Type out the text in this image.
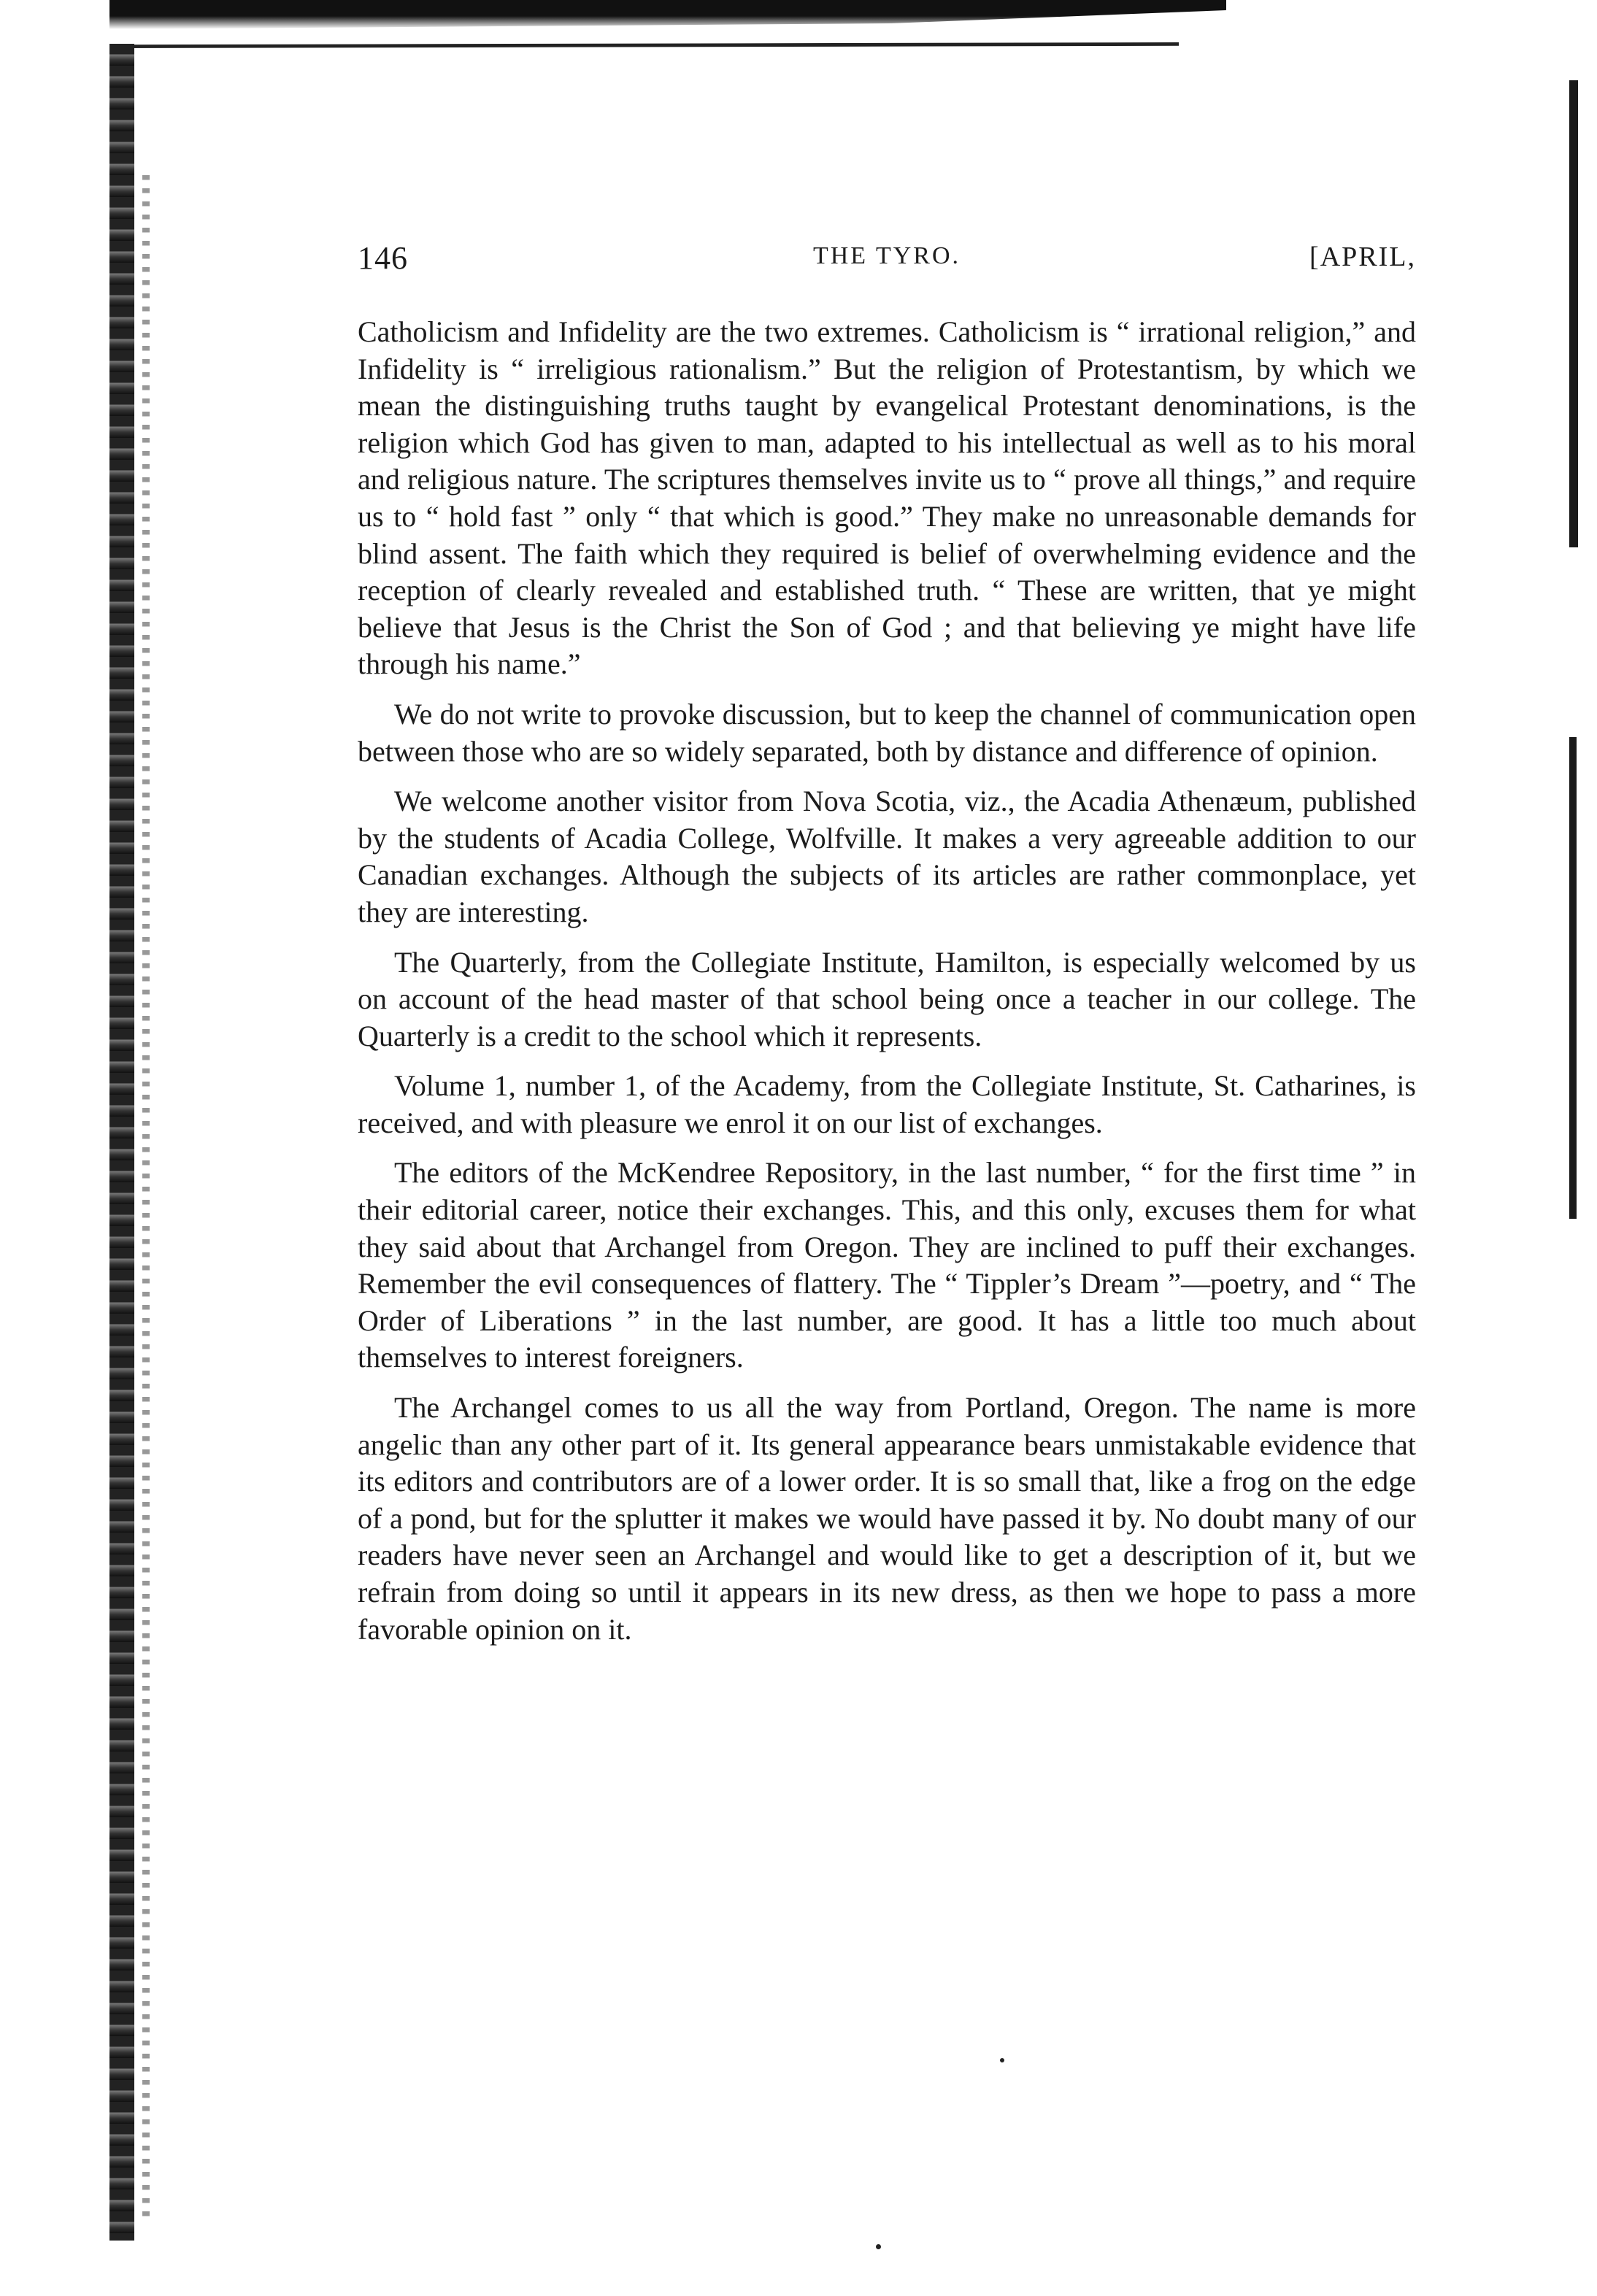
146	THE TYRO.	[APRIL,

Catholicism and Infidelity are the two extremes. Catholicism is “ irrational religion,” and Infidelity is “ irreligious rationalism.” But the religion of Protestantism, by which we mean the distinguishing truths taught by evangelical Protestant denominations, is the religion which God has given to man, adapted to his intellectual as well as to his moral and religious nature. The scriptures themselves invite us to “ prove all things,” and require us to “ hold fast ” only “ that which is good.” They make no unreasonable demands for blind assent. The faith which they required is belief of overwhelming evidence and the reception of clearly revealed and established truth. “ These are written, that ye might believe that Jesus is the Christ the Son of God ; and that believing ye might have life through his name.”

We do not write to provoke discussion, but to keep the channel of communication open between those who are so widely separated, both by distance and difference of opinion.

We welcome another visitor from Nova Scotia, viz., the Acadia Athenæum, published by the students of Acadia College, Wolfville. It makes a very agreeable addition to our Canadian exchanges. Although the subjects of its articles are rather commonplace, yet they are interesting.

The Quarterly, from the Collegiate Institute, Hamilton, is especially welcomed by us on account of the head master of that school being once a teacher in our college. The Quarterly is a credit to the school which it represents.

Volume 1, number 1, of the Academy, from the Collegiate Institute, St. Catharines, is received, and with pleasure we enrol it on our list of exchanges.

The editors of the McKendree Repository, in the last number, “ for the first time ” in their editorial career, notice their exchanges. This, and this only, excuses them for what they said about that Archangel from Oregon. They are inclined to puff their exchanges. Remember the evil consequences of flattery. The “ Tippler’s Dream ”—poetry, and “ The Order of Liberations ” in the last number, are good. It has a little too much about themselves to interest foreigners.

The Archangel comes to us all the way from Portland, Oregon. The name is more angelic than any other part of it. Its general appearance bears unmistakable evidence that its editors and contributors are of a lower order. It is so small that, like a frog on the edge of a pond, but for the splutter it makes we would have passed it by. No doubt many of our readers have never seen an Archangel and would like to get a description of it, but we refrain from doing so until it appears in its new dress, as then we hope to pass a more favorable opinion on it.
